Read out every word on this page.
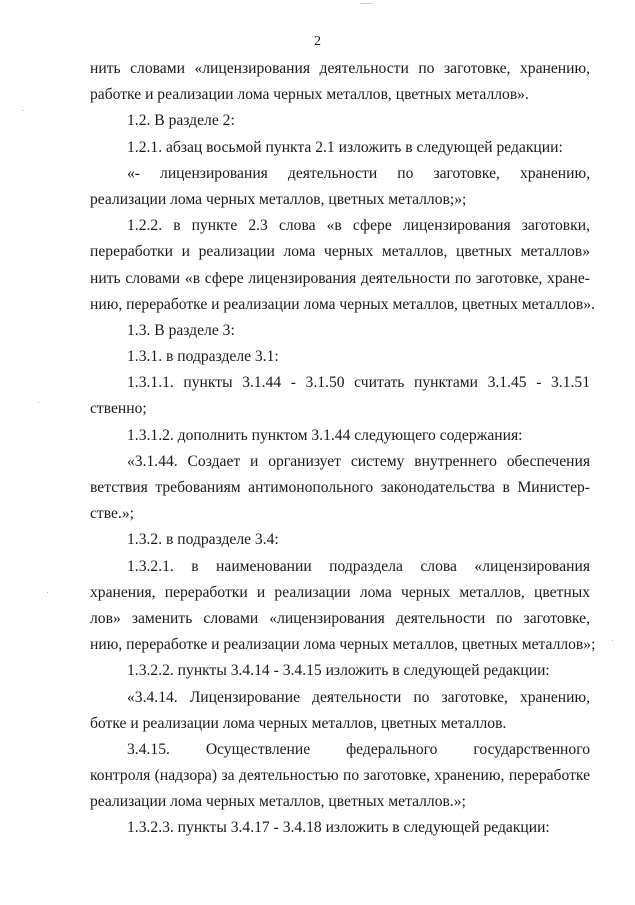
2
нить словами «лицензирования деятельности по заготовке, хранению,
работке и реализации лома черных металлов, цветных металлов».
1.2. В разделе 2:
1.2.1. абзац восьмой пункта 2.1 изложить в следующей редакции:
«- лицензирования деятельности по заготовке, хранению,
реализации лома черных металлов, цветных металлов;»;
1.2.2. в пункте 2.3 слова «в сфере лицензирования заготовки,
переработки и реализации лома черных металлов, цветных металлов»
нить словами «в сфере лицензирования деятельности по заготовке, хране-
нию, переработке и реализации лома черных металлов, цветных металлов».
1.3. В разделе 3:
1.3.1. в подразделе 3.1:
1.3.1.1. пункты 3.1.44 - 3.1.50 считать пунктами 3.1.45 - 3.1.51
ственно;
1.3.1.2. дополнить пунктом 3.1.44 следующего содержания:
«3.1.44. Создает и организует систему внутреннего обеспечения
ветствия требованиям антимонопольного законодательства в Министер-
стве.»;
1.3.2. в подразделе 3.4:
1.3.2.1. в наименовании подраздела слова «лицензирования
хранения, переработки и реализации лома черных металлов, цветных
лов» заменить словами «лицензирования деятельности по заготовке,
нию, переработке и реализации лома черных металлов, цветных металлов»;
1.3.2.2. пункты 3.4.14 - 3.4.15 изложить в следующей редакции:
«3.4.14. Лицензирование деятельности по заготовке, хранению,
ботке и реализации лома черных металлов, цветных металлов.
3.4.15. Осуществление федерального государственного
контроля (надзора) за деятельностью по заготовке, хранению, переработке
реализации лома черных металлов, цветных металлов.»;
1.3.2.3. пункты 3.4.17 - 3.4.18 изложить в следующей редакции:
